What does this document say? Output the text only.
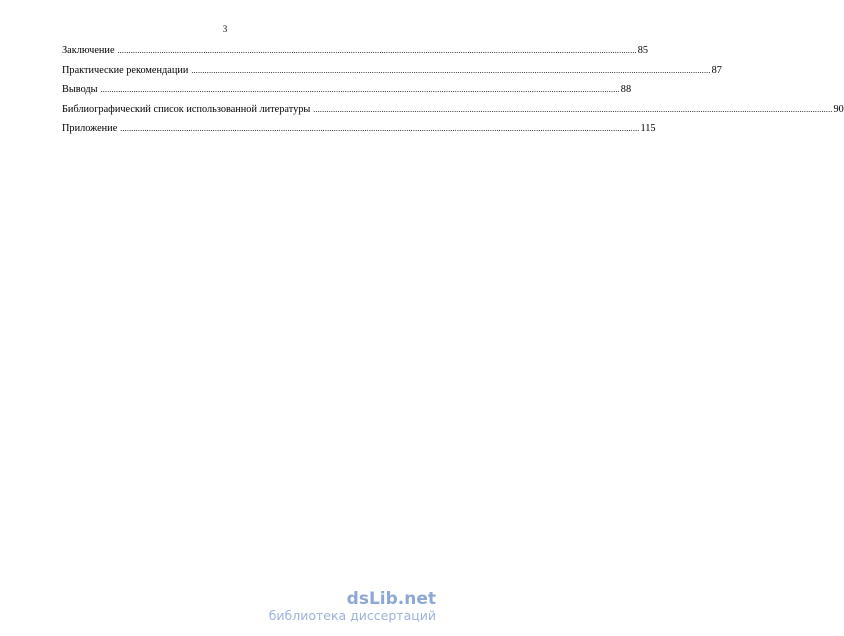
3
Заключение ............................................................................................................................................................................................................................................ 85
Практические рекомендации ............................................................................................................................................................................................................................................ 87
Выводы ............................................................................................................................................................................................................................................ 88
Библиографический список использованной литературы ............................................................................................................................................................................................................................................ 90
Приложение ............................................................................................................................................................................................................................................ 115
dsLib.net
библиотека диссертаций
